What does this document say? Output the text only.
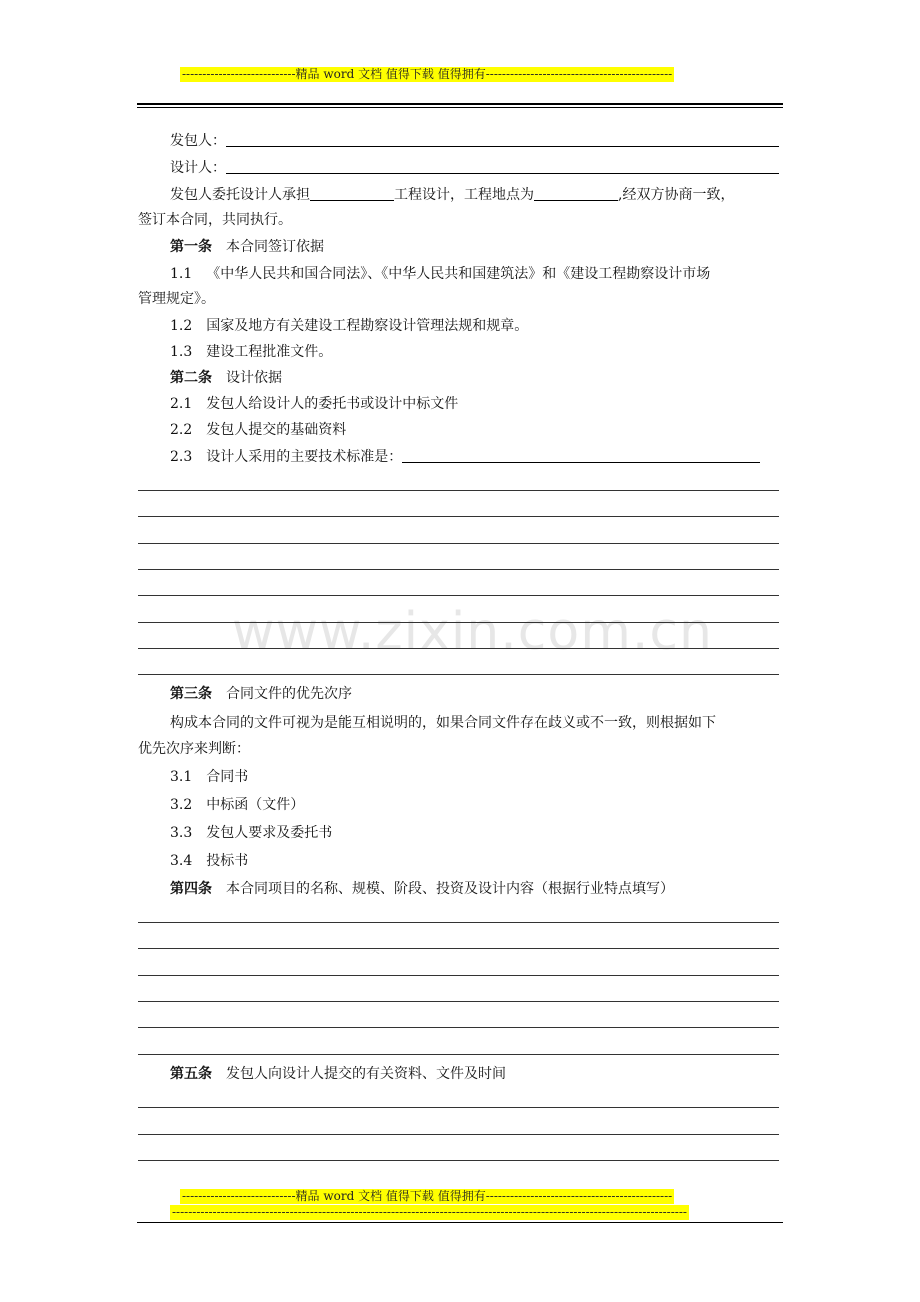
----------------------------精品 word 文档 值得下载 值得拥有----------------------------------------------
www.zixin.com.cn
发包人：
设计人：
发包人委托设计人承担	工程设计，工程地点为	,经双方协商一致，
签订本合同，共同执行。
第一条 本合同签订依据
1.1 《中华人民共和国合同法》、《中华人民共和国建筑法》和《建设工程勘察设计市场
管理规定》。
1.2 国家及地方有关建设工程勘察设计管理法规和规章。
1.3 建设工程批准文件。
第二条 设计依据
2.1 发包人给设计人的委托书或设计中标文件
2.2 发包人提交的基础资料
2.3 设计人采用的主要技术标准是：
第三条 合同文件的优先次序
构成本合同的文件可视为是能互相说明的，如果合同文件存在歧义或不一致，则根据如下
优先次序来判断：
3.1 合同书
3.2 中标函（文件）
3.3 发包人要求及委托书
3.4 投标书
第四条 本合同项目的名称、规模、阶段、投资及设计内容（根据行业特点填写）
第五条 发包人向设计人提交的有关资料、文件及时间
----------------------------精品 word 文档 值得下载 值得拥有----------------------------------------------
-------------------------------------------------------------------------------------------------------------------------------
